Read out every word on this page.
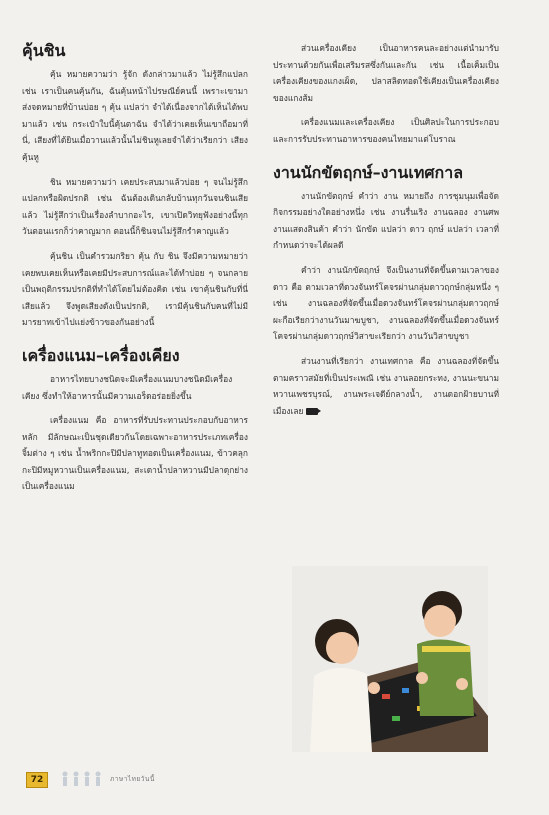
คุ้นชิน

คุ้น หมายความว่า รู้จัก ดังกล่าวมาแล้ว ไม่รู้สึกแปลก เช่น เราเป็นคนคุ้นกัน, ฉันคุ้นหน้าไปรษณีย์คนนี้ เพราะเขามาส่งจดหมายที่บ้านบ่อย ๆ คุ้น แปลว่า จำได้เนื่องจากได้เห็นได้พบมาแล้ว เช่น กระเป๋าใบนี้คุ้นตาฉัน จำได้ว่าเคยเห็นเขาถือมาที่นี่, เสียงที่ได้ยินเมื่อวานแล้วนั้นไม่ชินหูเลยจำได้ว่าเรียกว่า เสียงคุ้นหู

ชิน หมายความว่า เคยประสบมาแล้วบ่อย ๆ จนไม่รู้สึกแปลกหรือผิดปรกติ เช่น ฉันต้องเดินกลับบ้านทุกวันจนชินเสียแล้ว ไม่รู้สึกว่าเป็นเรื่องลำบากอะไร, เขาเปิดวิทยุฟังอย่างนี้ทุกวันตอนแรกก็ว่าคาญมาก ตอนนี้ก็ชินจนไม่รู้สึกรำคาญแล้ว

คุ้นชิน เป็นคำรวมกริยา คุ้น กับ ชิน จึงมีความหมายว่า เคยพบเคยเห็นหรือเคยมีประสบการณ์และได้ทำบ่อย ๆ จนกลายเป็นพฤติกรรมปรกติที่ทำได้โดยไม่ต้องคิด เช่น เขาคุ้นชินกับที่นี่เสียแล้ว จึงพูดเสียงดังเป็นปรกติ, เรามีคุ้นชินกับคนที่ไม่มีมารยาทเข้าไปแย่งข้าวของกันอย่างนี้

เครื่องแนม–เครื่องเคียง

อาหารไทยบางชนิดจะมีเครื่องแนมบางชนิดมีเครื่องเคียง ซึ่งทำให้อาหารนั้นมีความเอร็ดอร่อยยิ่งขึ้น

เครื่องแนม คือ อาหารที่รับประทานประกอบกับอาหารหลัก มีลักษณะเป็นชุดเดียวกันโดยเฉพาะอาหารประเภทเครื่องจิ้มต่าง ๆ เช่น น้ำพริกกะปิมีปลาทูทอดเป็นเครื่องแนม, ข้าวคลุกกะปิมีหมูหวานเป็นเครื่องแนม, สะเดาน้ำปลาหวานมีปลาดุกย่างเป็นเครื่องแนม

ส่วนเครื่องเคียง เป็นอาหารคนละอย่างแต่นำมารับประทานด้วยกันเพื่อเสริมรสซึ่งกันและกัน เช่น เนื้อเค็มเป็นเครื่องเคียงของแกงเผ็ด, ปลาสลิดทอดใช้เคียงเป็นเครื่องเคียงของแกงส้ม

เครื่องแนมและเครื่องเคียง เป็นศิลปะในการประกอบและการรับประทานอาหารของคนไทยมาแต่โบราณ

งานนักขัตฤกษ์–งานเทศกาล

งานนักขัตฤกษ์ คำว่า งาน หมายถึง การชุมนุมเพื่อจัดกิจกรรมอย่างใดอย่างหนึ่ง เช่น งานรื่นเริง งานฉลอง งานศพ งานแสดงสินค้า คำว่า นักขัต แปลว่า ดาว ฤกษ์ แปลว่า เวลาที่กำหนดว่าจะได้ผลดี

คำว่า งานนักขัตฤกษ์ จึงเป็นงานที่จัดขึ้นตามเวลาของดาว คือ ตามเวลาที่ดวงจันทร์โคจรผ่านกลุ่มดาวฤกษ์กลุ่มหนึ่ง ๆ เช่น งานฉลองที่จัดขึ้นเมื่อดวงจันทร์โคจรผ่านกลุ่มดาวฤกษ์ผะกือเรียกว่างานวันมาฆบูชา, งานฉลองที่จัดขึ้นเมื่อดวงจันทร์โคจรผ่านกลุ่มดาวฤกษ์วิสาขะเรียกว่า งานวันวิสาขบูชา

ส่วนงานที่เรียกว่า งานเทศกาล คือ งานฉลองที่จัดขึ้นตามคราวสมัยที่เป็นประเพณี เช่น งานลอยกระทง, งานนะขนามหวานเพชรบุรณ์, งานพระเจดีย์กลางน้ำ, งานดอกฝ้ายบานที่เมืองเลย

72	ภาษาไทยวันนี้
